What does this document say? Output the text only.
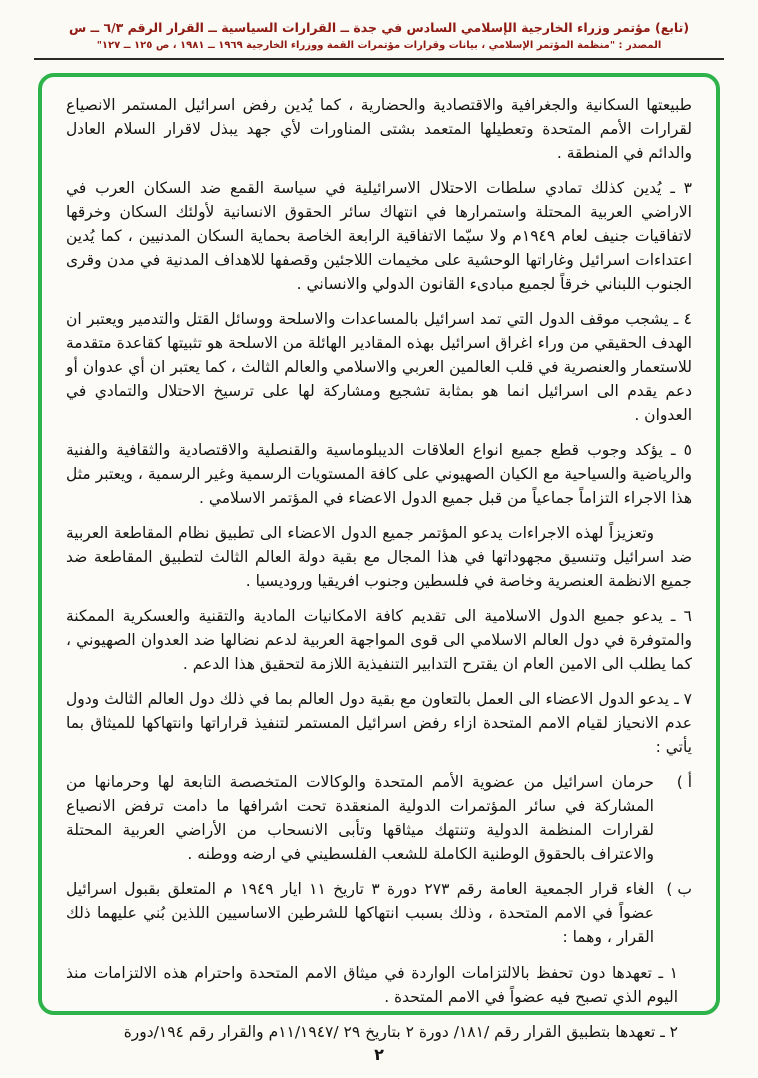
(تابع) مؤتمر وزراء الخارجية الإسلامي السادس في جدة ــ القرارات السياسية ــ القرار الرقم ٦/٣ ــ س
المصدر : "منظمة المؤتمر الإسلامي ، بيانات وقرارات مؤتمرات القمة ووزراء الخارجية ١٩٦٩ ــ ١٩٨١ ، ص ١٢٥ ــ ١٢٧"

طبيعتها السكانية والجغرافية والاقتصادية والحضارية ، كما يُدين رفض اسرائيل المستمر الانصياع لقرارات الأمم المتحدة وتعطيلها المتعمد بشتى المناورات لأي جهد يبذل لاقرار السلام العادل والدائم في المنطقة .

٣ ـ يُدين كذلك تمادي سلطات الاحتلال الاسرائيلية في سياسة القمع ضد السكان العرب في الاراضي العربية المحتلة واستمرارها في انتهاك سائر الحقوق الانسانية لأولئك السكان وخرقها لاتفاقيات جنيف لعام ١٩٤٩م ولا سيّما الاتفاقية الرابعة الخاصة بحماية السكان المدنيين ، كما يُدين اعتداءات اسرائيل وغاراتها الوحشية على مخيمات اللاجئين وقصفها للاهداف المدنية في مدن وقرى الجنوب اللبناني خرقاً لجميع مبادىء القانون الدولي والانساني .

٤ ـ يشجب موقف الدول التي تمد اسرائيل بالمساعدات والاسلحة ووسائل القتل والتدمير ويعتبر ان الهدف الحقيقي من وراء اغراق اسرائيل بهذه المقادير الهائلة من الاسلحة هو تثبيتها كقاعدة متقدمة للاستعمار والعنصرية في قلب العالمين العربي والاسلامي والعالم الثالث ، كما يعتبر ان أي عدوان أو دعم يقدم الى اسرائيل انما هو بمثابة تشجيع ومشاركة لها على ترسيخ الاحتلال والتمادي في العدوان .

٥ ـ يؤكد وجوب قطع جميع انواع العلاقات الديبلوماسية والقنصلية والاقتصادية والثقافية والفنية والرياضية والسياحية مع الكيان الصهيوني على كافة المستويات الرسمية وغير الرسمية ، ويعتبر مثل هذا الاجراء التزاماً جماعياً من قبل جميع الدول الاعضاء في المؤتمر الاسلامي .

وتعزيزاً لهذه الاجراءات يدعو المؤتمر جميع الدول الاعضاء الى تطبيق نظام المقاطعة العربية ضد اسرائيل وتنسيق مجهوداتها في هذا المجال مع بقية دولة العالم الثالث لتطبيق المقاطعة ضد جميع الانظمة العنصرية وخاصة في فلسطين وجنوب افريقيا وروديسيا .

٦ ـ يدعو جميع الدول الاسلامية الى تقديم كافة الامكانيات المادية والتقنية والعسكرية الممكنة والمتوفرة في دول العالم الاسلامي الى قوى المواجهة العربية لدعم نضالها ضد العدوان الصهيوني ، كما يطلب الى الامين العام ان يقترح التدابير التنفيذية اللازمة لتحقيق هذا الدعم .

٧ ـ يدعو الدول الاعضاء الى العمل بالتعاون مع بقية دول العالم بما في ذلك دول العالم الثالث ودول عدم الانحياز لقيام الامم المتحدة ازاء رفض اسرائيل المستمر لتنفيذ قراراتها وانتهاكها للميثاق بما يأتي :

أ )
حرمان اسرائيل من عضوية الأمم المتحدة والوكالات المتخصصة التابعة لها وحرمانها من المشاركة في سائر المؤتمرات الدولية المنعقدة تحت اشرافها ما دامت ترفض الانصياع لقرارات المنظمة الدولية وتنتهك ميثاقها وتأبى الانسحاب من الأراضي العربية المحتلة والاعتراف بالحقوق الوطنية الكاملة للشعب الفلسطيني في ارضه ووطنه .
ب )
الغاء قرار الجمعية العامة رقم ٢٧٣ دورة ٣ تاريخ ١١ ايار ١٩٤٩ م المتعلق بقبول اسرائيل عضواً في الامم المتحدة ، وذلك بسبب انتهاكها للشرطين الاساسيين اللذين بُني عليهما ذلك القرار ، وهما :

١ ـ تعهدها دون تحفظ بالالتزامات الواردة في ميثاق الامم المتحدة واحترام هذه الالتزامات منذ اليوم الذي تصبح فيه عضواً في الامم المتحدة .

٢ ـ تعهدها بتطبيق القرار رقم /١٨١/ دورة ٢ بتاريخ ٢٩ /١١/١٩٤٧م والقرار رقم ١٩٤/دورة

٢
